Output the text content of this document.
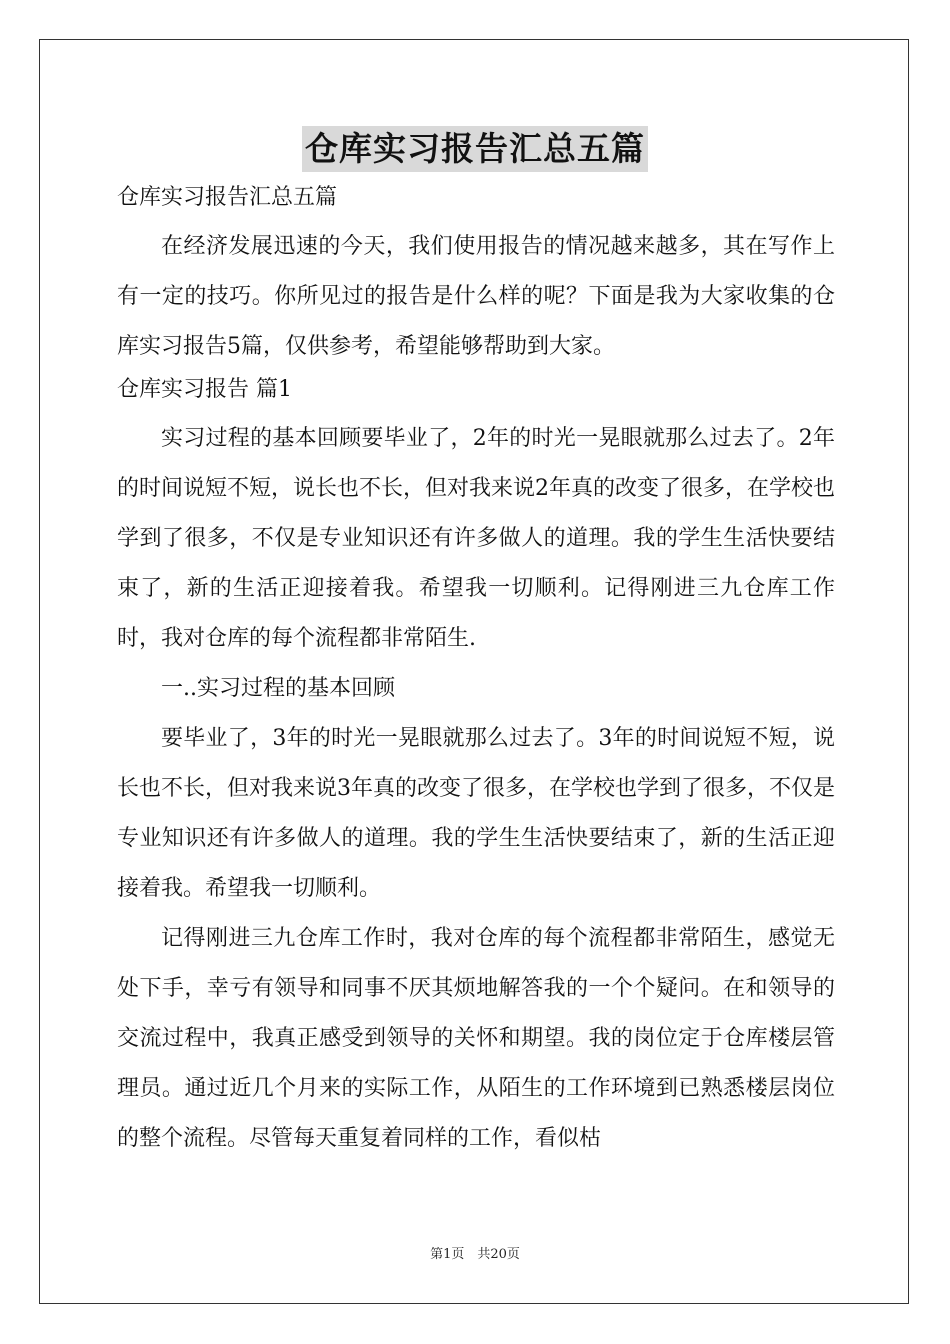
仓库实习报告汇总五篇

仓库实习报告汇总五篇

在经济发展迅速的今天，我们使用报告的情况越来越多，其在写作上有一定的技巧。你所见过的报告是什么样的呢？下面是我为大家收集的仓库实习报告5篇，仅供参考，希望能够帮助到大家。

仓库实习报告 篇1

实习过程的基本回顾要毕业了，2年的时光一晃眼就那么过去了。2年的时间说短不短，说长也不长，但对我来说2年真的改变了很多，在学校也学到了很多，不仅是专业知识还有许多做人的道理。我的学生生活快要结束了，新的生活正迎接着我。希望我一切顺利。记得刚进三九仓库工作时，我对仓库的每个流程都非常陌生.

一..实习过程的基本回顾

要毕业了，3年的时光一晃眼就那么过去了。3年的时间说短不短，说长也不长，但对我来说3年真的改变了很多，在学校也学到了很多，不仅是专业知识还有许多做人的道理。我的学生生活快要结束了，新的生活正迎接着我。希望我一切顺利。

记得刚进三九仓库工作时，我对仓库的每个流程都非常陌生，感觉无处下手，幸亏有领导和同事不厌其烦地解答我的一个个疑问。在和领导的交流过程中，我真正感受到领导的关怀和期望。我的岗位定于仓库楼层管理员。通过近几个月来的实际工作，从陌生的工作环境到已熟悉楼层岗位的整个流程。尽管每天重复着同样的工作，看似枯

第1页　共20页
